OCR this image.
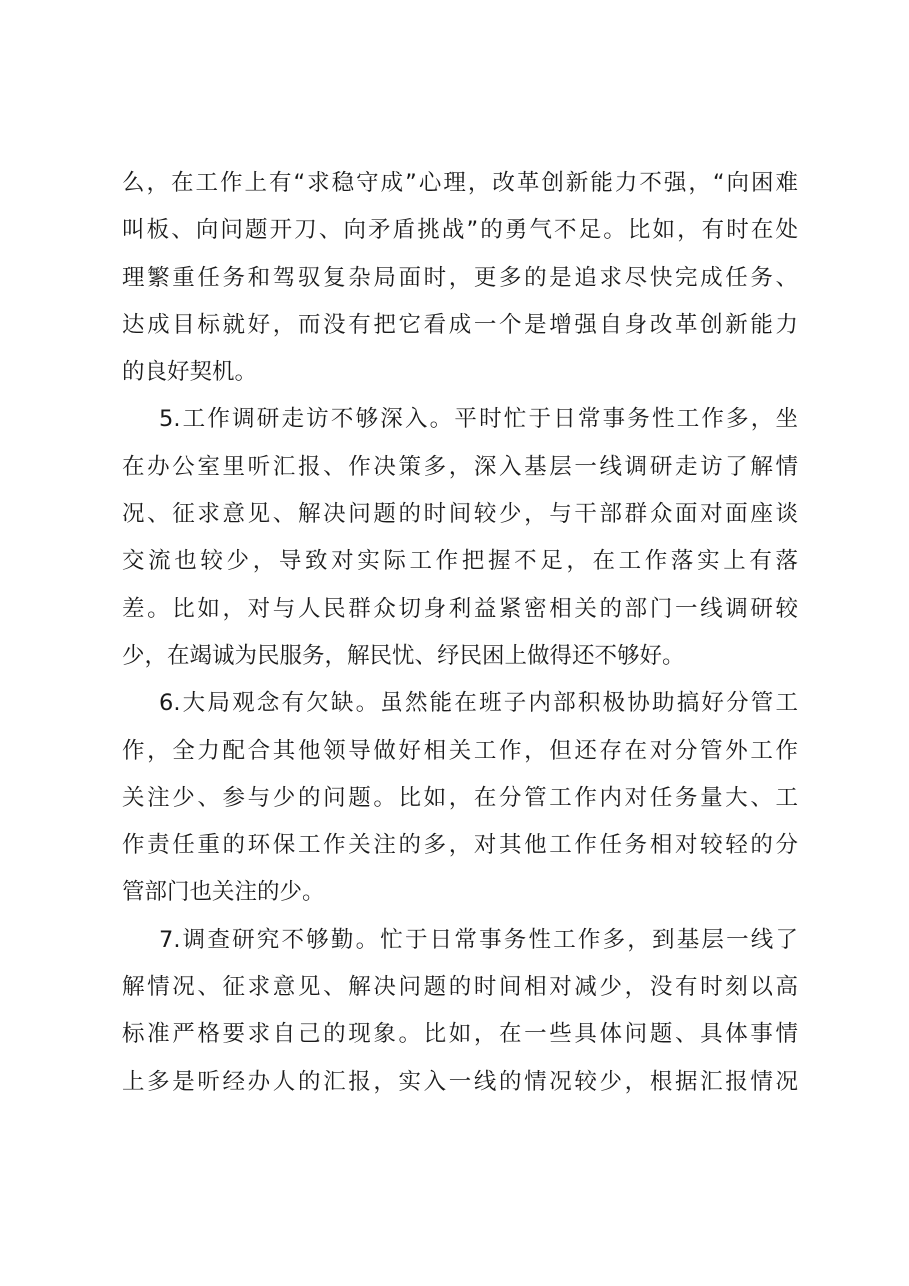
么，在工作上有“求稳守成”心理，改革创新能力不强，“向困难
叫板、向问题开刀、向矛盾挑战”的勇气不足。比如，有时在处
理繁重任务和驾驭复杂局面时，更多的是追求尽快完成任务、
达成目标就好，而没有把它看成一个是增强自身改革创新能力
的良好契机。
5.工作调研走访不够深入。平时忙于日常事务性工作多，坐
在办公室里听汇报、作决策多，深入基层一线调研走访了解情
况、征求意见、解决问题的时间较少，与干部群众面对面座谈
交流也较少，导致对实际工作把握不足，在工作落实上有落
差。比如，对与人民群众切身利益紧密相关的部门一线调研较
少，在竭诚为民服务，解民忧、纾民困上做得还不够好。
6.大局观念有欠缺。虽然能在班子内部积极协助搞好分管工
作，全力配合其他领导做好相关工作，但还存在对分管外工作
关注少、参与少的问题。比如，在分管工作内对任务量大、工
作责任重的环保工作关注的多，对其他工作任务相对较轻的分
管部门也关注的少。
7.调查研究不够勤。忙于日常事务性工作多，到基层一线了
解情况、征求意见、解决问题的时间相对减少，没有时刻以高
标准严格要求自己的现象。比如，在一些具体问题、具体事情
上多是听经办人的汇报，实入一线的情况较少，根据汇报情况
